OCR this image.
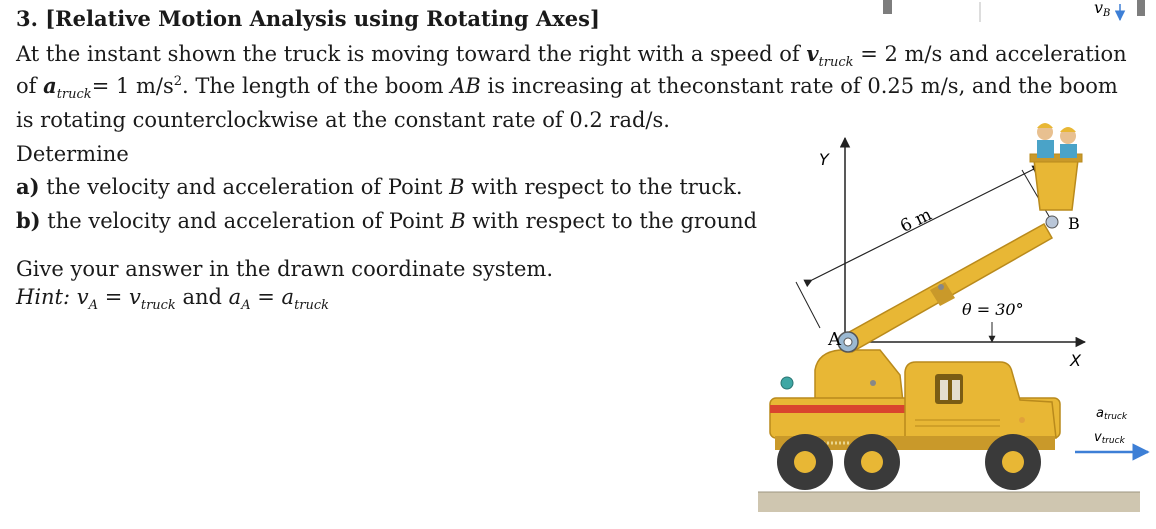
3. [Relative Motion Analysis using Rotating Axes]
At the instant shown the truck is moving toward the right with a speed of $v_{truck} = 2$ m/s and acceleration
of $a_{truck}= 1$ $m/s^2$. The length of the boom AB is increasing at theconstant rate of 0.25 m/s, and the boom
is rotating counterclockwise at the constant rate of 0.2 rad/s.
Determine
a) the velocity and acceleration of Point B with respect to the truck.
b) the velocity and acceleration of Point B with respect to the ground
Give your answer in the drawn coordinate system.
Hint: $v_A = v_{truck}$ and $a_A = a_{truck}$
vB
Y
X
6 m
A
B
θ = 30°
atruck
vtruck
